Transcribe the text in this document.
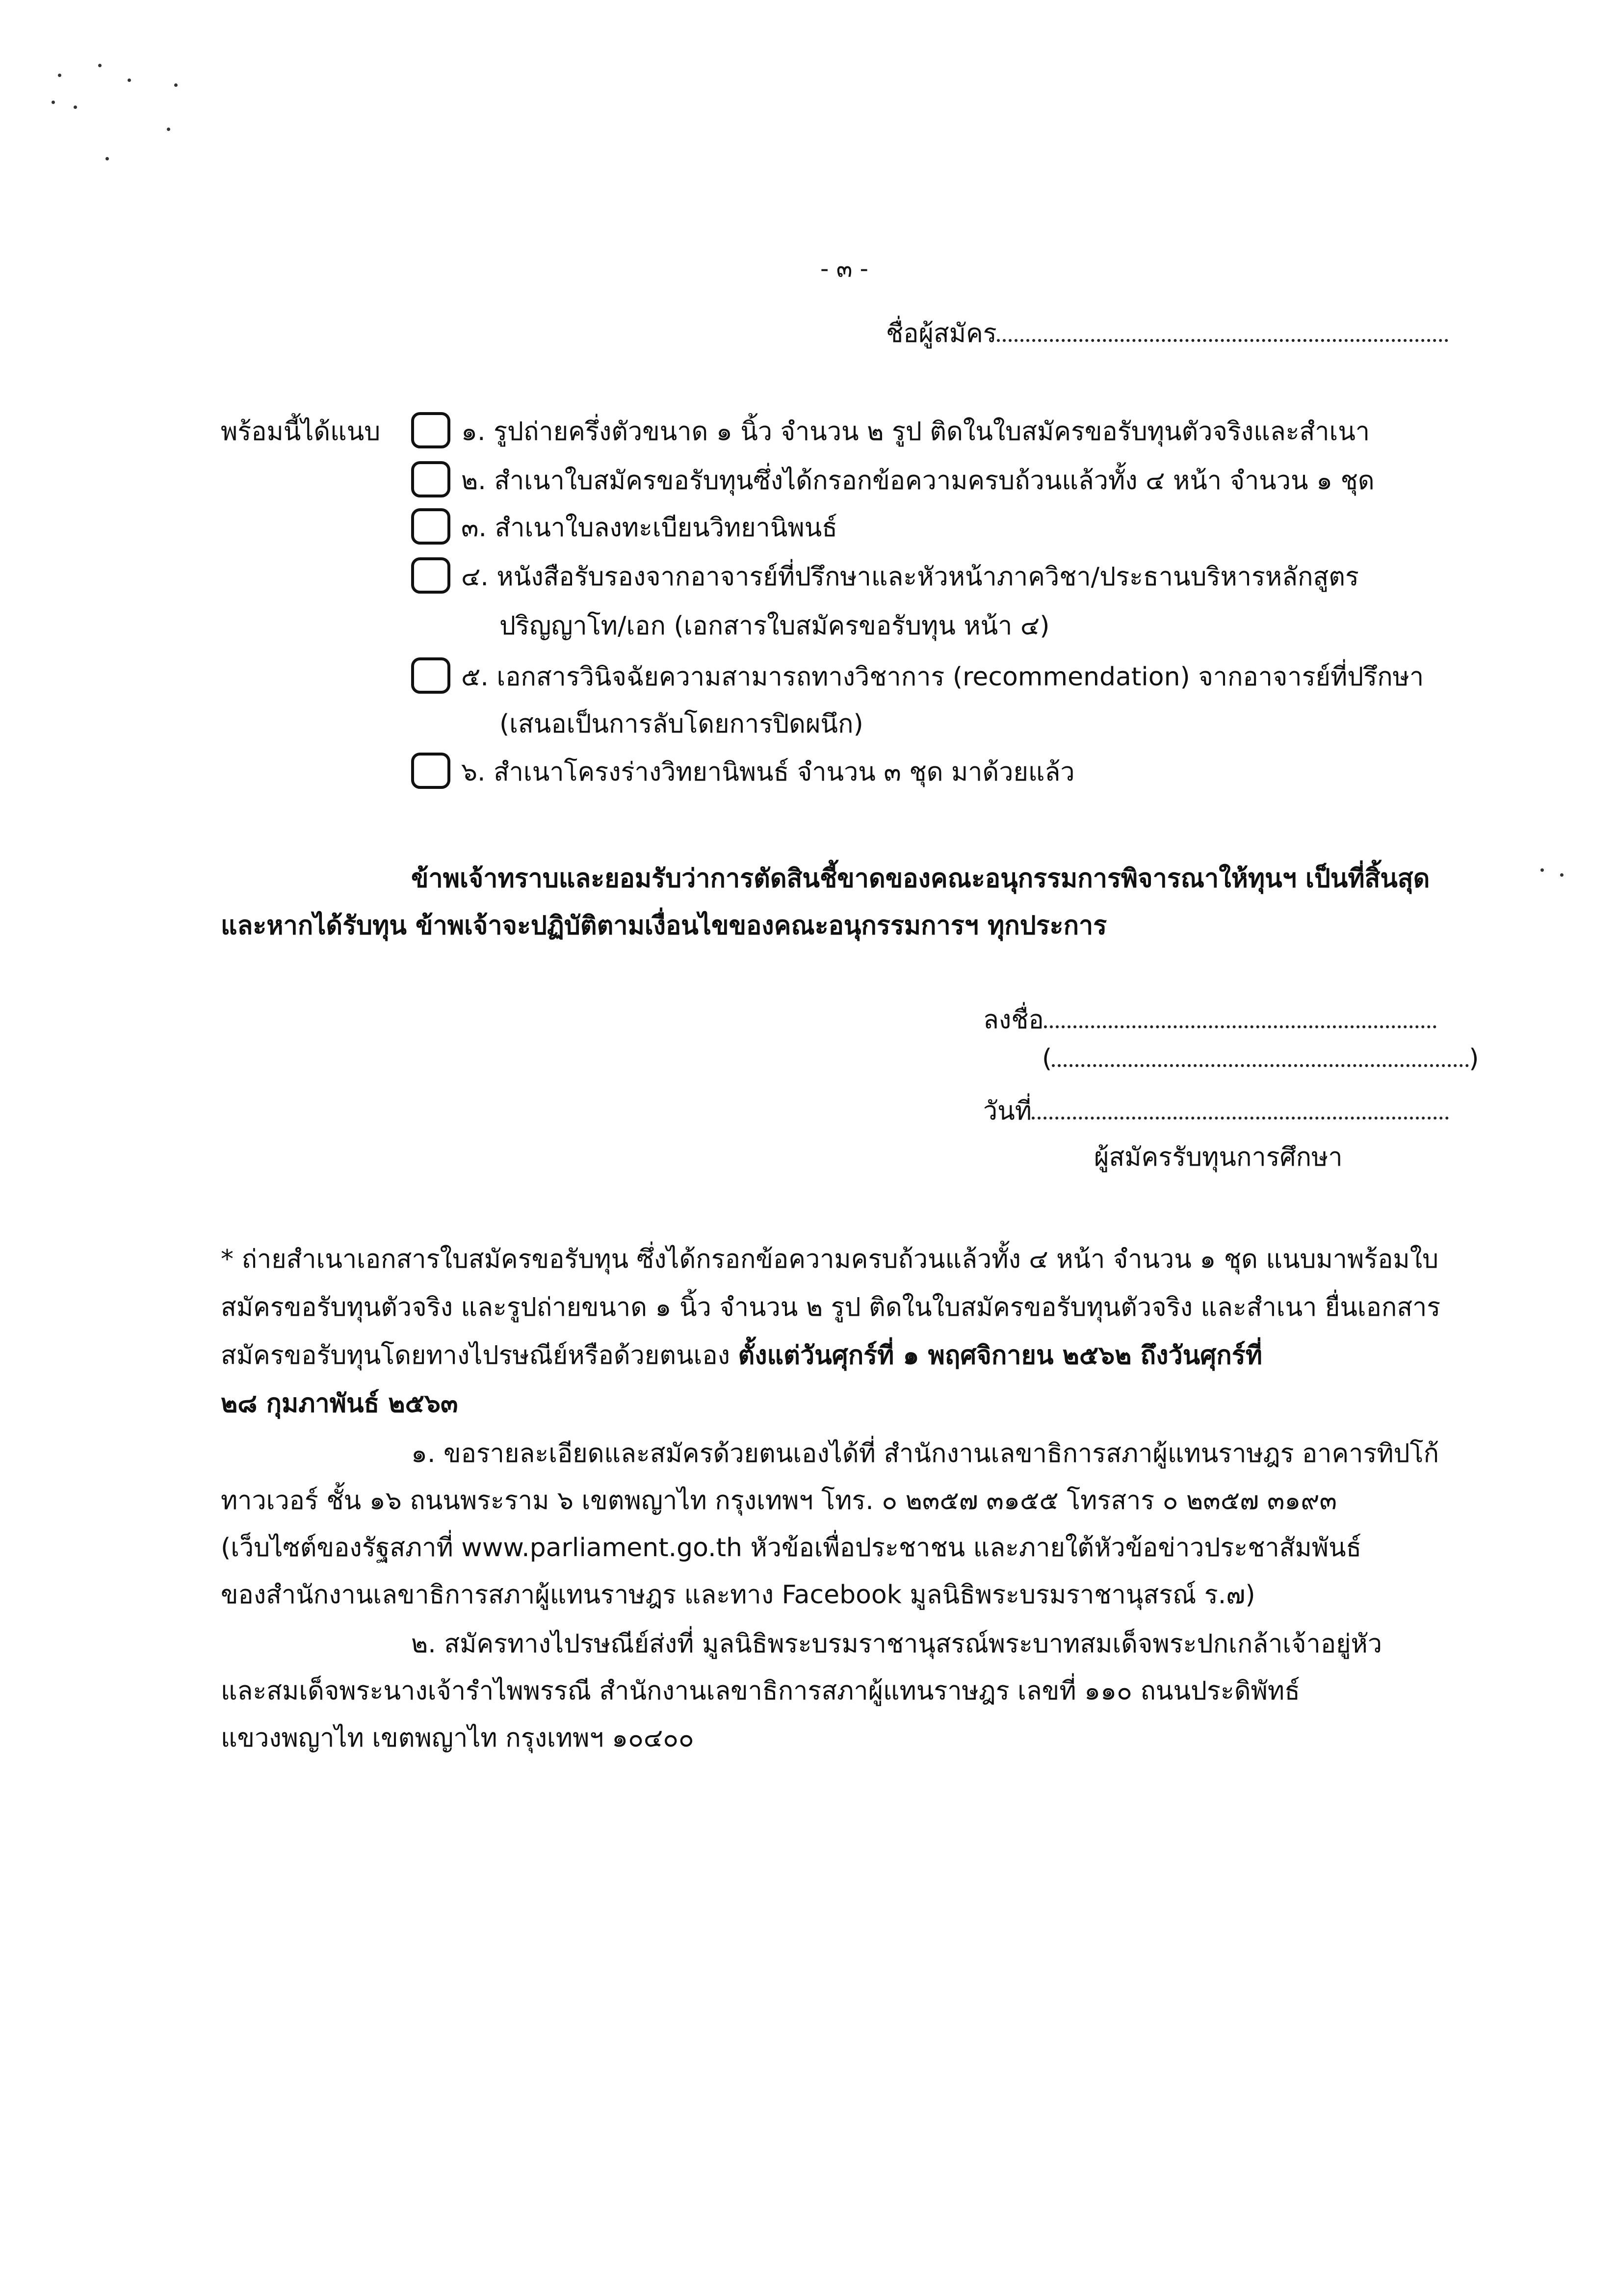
- ๓ -
ชื่อผู้สมัคร
พร้อมนี้ได้แนบ	๑. รูปถ่ายครึ่งตัวขนาด ๑ นิ้ว จำนวน ๒ รูป ติดในใบสมัครขอรับทุนตัวจริงและสำเนา
๒. สำเนาใบสมัครขอรับทุนซึ่งได้กรอกข้อความครบถ้วนแล้วทั้ง ๔ หน้า จำนวน ๑ ชุด
๓. สำเนาใบลงทะเบียนวิทยานิพนธ์
๔. หนังสือรับรองจากอาจารย์ที่ปรึกษาและหัวหน้าภาควิชา/ประธานบริหารหลักสูตร
ปริญญาโท/เอก (เอกสารใบสมัครขอรับทุน หน้า ๔)
๕. เอกสารวินิจฉัยความสามารถทางวิชาการ (recommendation) จากอาจารย์ที่ปรึกษา
(เสนอเป็นการลับโดยการปิดผนึก)
๖. สำเนาโครงร่างวิทยานิพนธ์ จำนวน ๓ ชุด มาด้วยแล้ว
ข้าพเจ้าทราบและยอมรับว่าการตัดสินชี้ขาดของคณะอนุกรรมการพิจารณาให้ทุนฯ เป็นที่สิ้นสุด
และหากได้รับทุน ข้าพเจ้าจะปฏิบัติตามเงื่อนไขของคณะอนุกรรมการฯ ทุกประการ
ลงชื่อ
(	)
วันที่
ผู้สมัครรับทุนการศึกษา
* ถ่ายสำเนาเอกสารใบสมัครขอรับทุน ซึ่งได้กรอกข้อความครบถ้วนแล้วทั้ง ๔ หน้า จำนวน ๑ ชุด แนบมาพร้อมใบ
สมัครขอรับทุนตัวจริง และรูปถ่ายขนาด ๑ นิ้ว จำนวน ๒ รูป ติดในใบสมัครขอรับทุนตัวจริง และสำเนา ยื่นเอกสาร
สมัครขอรับทุนโดยทางไปรษณีย์หรือด้วยตนเอง ตั้งแต่วันศุกร์ที่ ๑ พฤศจิกายน ๒๕๖๒ ถึงวันศุกร์ที่
๒๘ กุมภาพันธ์ ๒๕๖๓
๑. ขอรายละเอียดและสมัครด้วยตนเองได้ที่ สำนักงานเลขาธิการสภาผู้แทนราษฎร อาคารทิปโก้
ทาวเวอร์ ชั้น ๑๖ ถนนพระราม ๖ เขตพญาไท กรุงเทพฯ โทร. ๐ ๒๓๕๗ ๓๑๕๕ โทรสาร ๐ ๒๓๕๗ ๓๑๙๓
(เว็บไซต์ของรัฐสภาที่ www.parliament.go.th หัวข้อเพื่อประชาชน และภายใต้หัวข้อข่าวประชาสัมพันธ์
ของสำนักงานเลขาธิการสภาผู้แทนราษฎร และทาง Facebook มูลนิธิพระบรมราชานุสรณ์ ร.๗)
๒. สมัครทางไปรษณีย์ส่งที่ มูลนิธิพระบรมราชานุสรณ์พระบาทสมเด็จพระปกเกล้าเจ้าอยู่หัว
และสมเด็จพระนางเจ้ารำไพพรรณี สำนักงานเลขาธิการสภาผู้แทนราษฎร เลขที่ ๑๑๐ ถนนประดิพัทธ์
แขวงพญาไท เขตพญาไท กรุงเทพฯ ๑๐๔๐๐
